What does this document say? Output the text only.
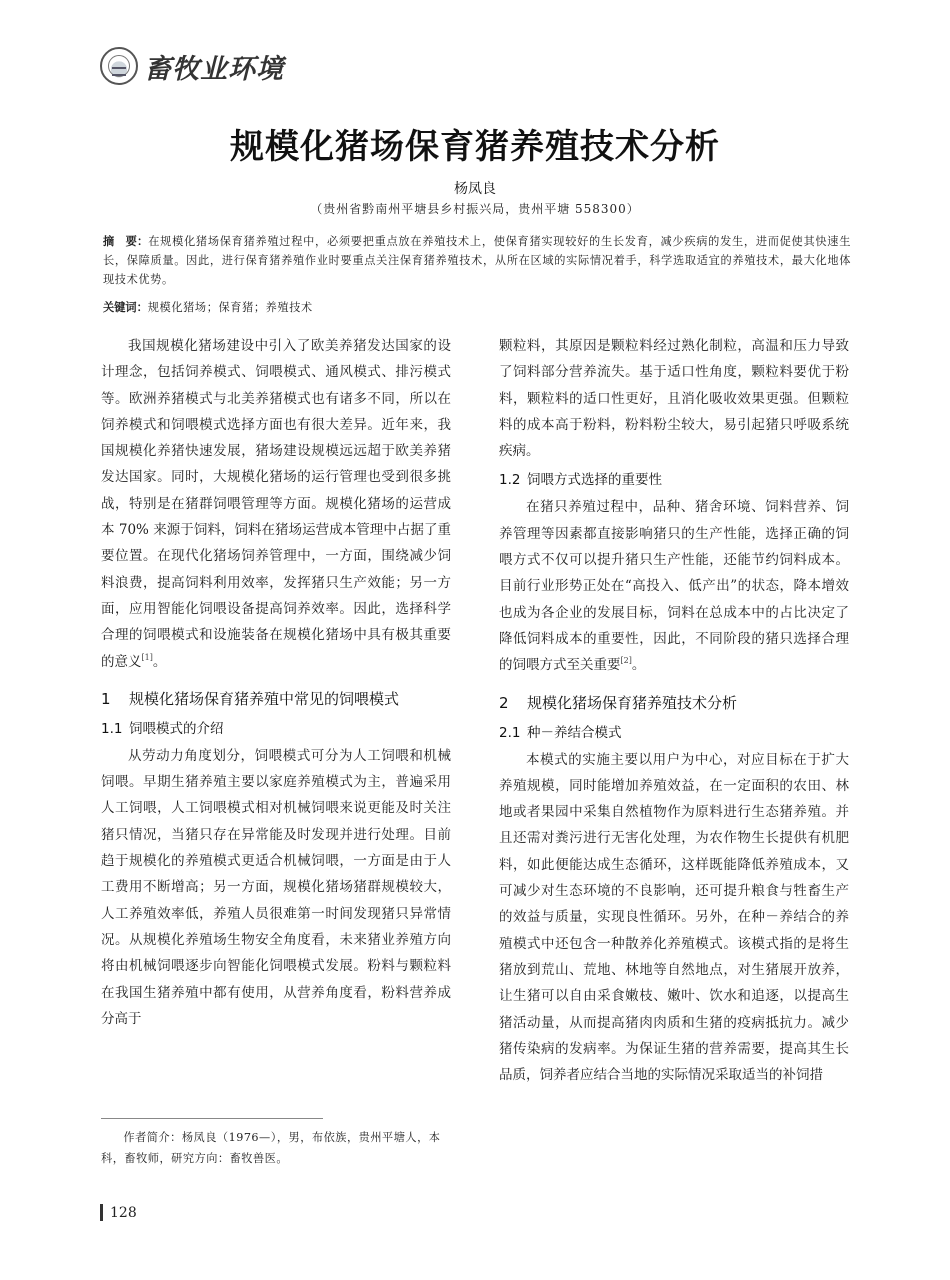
畜牧业环境
规模化猪场保育猪养殖技术分析
杨凤良
（贵州省黔南州平塘县乡村振兴局，贵州平塘 558300）
摘　要：在规模化猪场保育猪养殖过程中，必须要把重点放在养殖技术上，使保育猪实现较好的生长发育，减少疾病的发生，进而促使其快速生长，保障质量。因此，进行保育猪养殖作业时要重点关注保育猪养殖技术，从所在区域的实际情况着手，科学选取适宜的养殖技术，最大化地体现技术优势。
关键词：规模化猪场；保育猪；养殖技术

我国规模化猪场建设中引入了欧美养猪发达国家的设计理念，包括饲养模式、饲喂模式、通风模式、排污模式等。欧洲养猪模式与北美养猪模式也有诸多不同，所以在饲养模式和饲喂模式选择方面也有很大差异。近年来，我国规模化养猪快速发展，猪场建设规模远远超于欧美养猪发达国家。同时，大规模化猪场的运行管理也受到很多挑战，特别是在猪群饲喂管理等方面。规模化猪场的运营成本 70% 来源于饲料，饲料在猪场运营成本管理中占据了重要位置。在现代化猪场饲养管理中，一方面，围绕减少饲料浪费，提高饲料利用效率，发挥猪只生产效能；另一方面，应用智能化饲喂设备提高饲养效率。因此，选择科学合理的饲喂模式和设施装备在规模化猪场中具有极其重要的意义[1]。

1 规模化猪场保育猪养殖中常见的饲喂模式
1.1 饲喂模式的介绍

从劳动力角度划分，饲喂模式可分为人工饲喂和机械饲喂。早期生猪养殖主要以家庭养殖模式为主，普遍采用人工饲喂，人工饲喂模式相对机械饲喂来说更能及时关注猪只情况，当猪只存在异常能及时发现并进行处理。目前趋于规模化的养殖模式更适合机械饲喂，一方面是由于人工费用不断增高；另一方面，规模化猪场猪群规模较大，人工养殖效率低，养殖人员很难第一时间发现猪只异常情况。从规模化养殖场生物安全角度看，未来猪业养殖方向将由机械饲喂逐步向智能化饲喂模式发展。粉料与颗粒料在我国生猪养殖中都有使用，从营养角度看，粉料营养成分高于

颗粒料，其原因是颗粒料经过熟化制粒，高温和压力导致了饲料部分营养流失。基于适口性角度，颗粒料要优于粉料，颗粒料的适口性更好，且消化吸收效果更强。但颗粒料的成本高于粉料，粉料粉尘较大，易引起猪只呼吸系统疾病。

1.2 饲喂方式选择的重要性

在猪只养殖过程中，品种、猪舍环境、饲料营养、饲养管理等因素都直接影响猪只的生产性能，选择正确的饲喂方式不仅可以提升猪只生产性能，还能节约饲料成本。目前行业形势正处在“高投入、低产出”的状态，降本增效也成为各企业的发展目标，饲料在总成本中的占比决定了降低饲料成本的重要性，因此，不同阶段的猪只选择合理的饲喂方式至关重要[2]。

2 规模化猪场保育猪养殖技术分析
2.1 种－养结合模式

本模式的实施主要以用户为中心，对应目标在于扩大养殖规模，同时能增加养殖效益，在一定面积的农田、林地或者果园中采集自然植物作为原料进行生态猪养殖。并且还需对粪污进行无害化处理，为农作物生长提供有机肥料，如此便能达成生态循环，这样既能降低养殖成本，又可减少对生态环境的不良影响，还可提升粮食与牲畜生产的效益与质量，实现良性循环。另外，在种－养结合的养殖模式中还包含一种散养化养殖模式。该模式指的是将生猪放到荒山、荒地、林地等自然地点，对生猪展开放养，让生猪可以自由采食嫩枝、嫩叶、饮水和追逐，以提高生猪活动量，从而提高猪肉肉质和生猪的疫病抵抗力。减少猪传染病的发病率。为保证生猪的营养需要，提高其生长品质，饲养者应结合当地的实际情况采取适当的补饲措

作者简介：杨凤良（1976—），男，布依族，贵州平塘人，本科，畜牧师，研究方向：畜牧兽医。
128
